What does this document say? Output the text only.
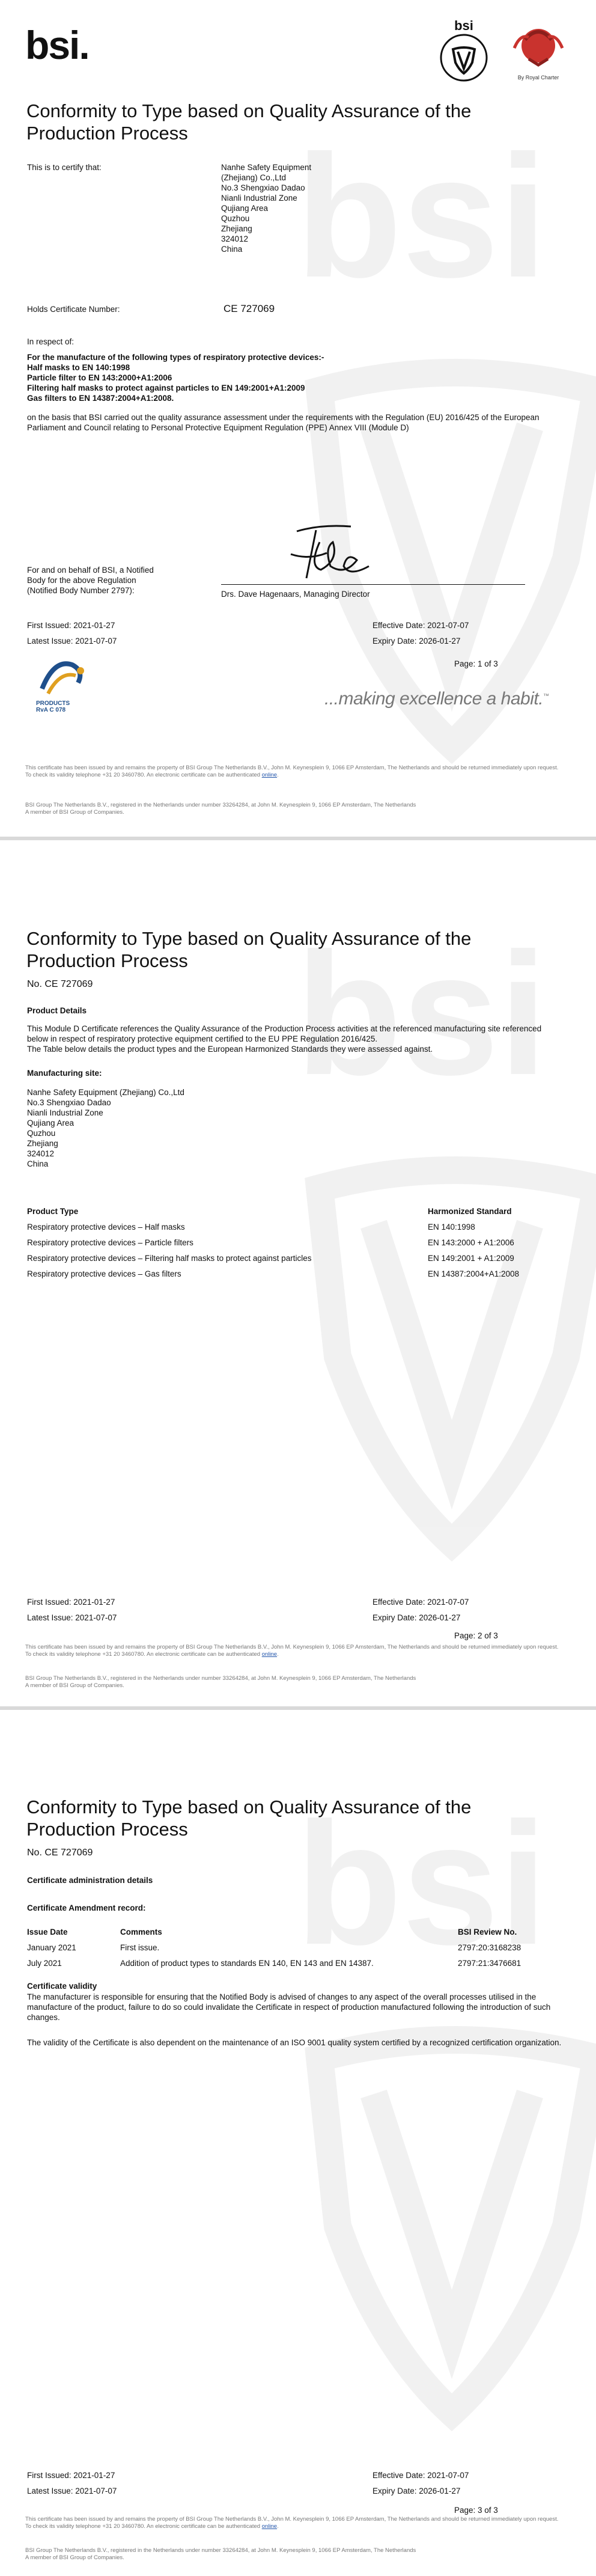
bsi.	bsi
By Royal Charter
Conformity to Type based on Quality Assurance of the Production Process
This is to certify that:	Nanhe Safety Equipment
(Zhejiang) Co.,Ltd
No.3 Shengxiao Dadao
Nianli Industrial Zone
Qujiang Area
Quzhou
Zhejiang
324012
China
Holds Certificate Number:	CE 727069
In respect of:
For the manufacture of the following types of respiratory protective devices:-
Half masks to EN 140:1998
Particle filter to EN 143:2000+A1:2006
Filtering half masks to protect against particles to EN 149:2001+A1:2009
Gas filters to EN 14387:2004+A1:2008.
on the basis that BSI carried out the quality assurance assessment under the requirements with the Regulation (EU) 2016/425 of the European Parliament and Council relating to Personal Protective Equipment Regulation (PPE) Annex VIII (Module D)
For and on behalf of BSI, a Notified
Body for the above Regulation
(Notified Body Number 2797):	Drs. Dave Hagenaars, Managing Director
First Issued: 2021-01-27	Effective Date: 2021-07-07
Latest Issue: 2021-07-07	Expiry Date: 2026-01-27
Page: 1 of 3
PRODUCTS
RvA C 078
...making excellence a habit.™
This certificate has been issued by and remains the property of BSI Group The Netherlands B.V., John M. Keynesplein 9, 1066 EP Amsterdam, The Netherlands and should be returned immediately upon request.
To check its validity telephone +31 20 3460780. An electronic certificate can be authenticated online.
BSI Group The Netherlands B.V., registered in the Netherlands under number 33264284, at John M. Keynesplein 9, 1066 EP Amsterdam, The Netherlands
A member of BSI Group of Companies.
Conformity to Type based on Quality Assurance of the Production Process
No. CE 727069
Product Details
This Module D Certificate references the Quality Assurance of the Production Process activities at the referenced manufacturing site referenced below in respect of respiratory protective equipment certified to the EU PPE Regulation 2016/425.
The Table below details the product types and the European Harmonized Standards they were assessed against.
Manufacturing site:
Nanhe Safety Equipment (Zhejiang) Co.,Ltd
No.3 Shengxiao Dadao
Nianli Industrial Zone
Qujiang Area
Quzhou
Zhejiang
324012
China
Product Type	Harmonized Standard
Respiratory protective devices – Half masks	EN 140:1998
Respiratory protective devices – Particle filters	EN 143:2000 + A1:2006
Respiratory protective devices – Filtering half masks to protect against particles	EN 149:2001 + A1:2009
Respiratory protective devices – Gas filters	EN 14387:2004+A1:2008
First Issued: 2021-01-27	Effective Date: 2021-07-07
Latest Issue: 2021-07-07	Expiry Date: 2026-01-27
Page: 2 of 3
This certificate has been issued by and remains the property of BSI Group The Netherlands B.V., John M. Keynesplein 9, 1066 EP Amsterdam, The Netherlands and should be returned immediately upon request.
To check its validity telephone +31 20 3460780. An electronic certificate can be authenticated online.
BSI Group The Netherlands B.V., registered in the Netherlands under number 33264284, at John M. Keynesplein 9, 1066 EP Amsterdam, The Netherlands
A member of BSI Group of Companies.
Conformity to Type based on Quality Assurance of the Production Process
No. CE 727069
Certificate administration details
Certificate Amendment record:
Issue Date	Comments	BSI Review No.
January 2021	First issue.	2797:20:3168238
July 2021	Addition of product types to standards EN 140, EN 143 and EN 14387.	2797:21:3476681
Certificate validity
The manufacturer is responsible for ensuring that the Notified Body is advised of changes to any aspect of the overall processes utilised in the manufacture of the product, failure to do so could invalidate the Certificate in respect of production manufactured following the introduction of such changes.
The validity of the Certificate is also dependent on the maintenance of an ISO 9001 quality system certified by a recognized certification organization.
First Issued: 2021-01-27	Effective Date: 2021-07-07
Latest Issue: 2021-07-07	Expiry Date: 2026-01-27
Page: 3 of 3
This certificate has been issued by and remains the property of BSI Group The Netherlands B.V., John M. Keynesplein 9, 1066 EP Amsterdam, The Netherlands and should be returned immediately upon request.
To check its validity telephone +31 20 3460780. An electronic certificate can be authenticated online.
BSI Group The Netherlands B.V., registered in the Netherlands under number 33264284, at John M. Keynesplein 9, 1066 EP Amsterdam, The Netherlands
A member of BSI Group of Companies.
